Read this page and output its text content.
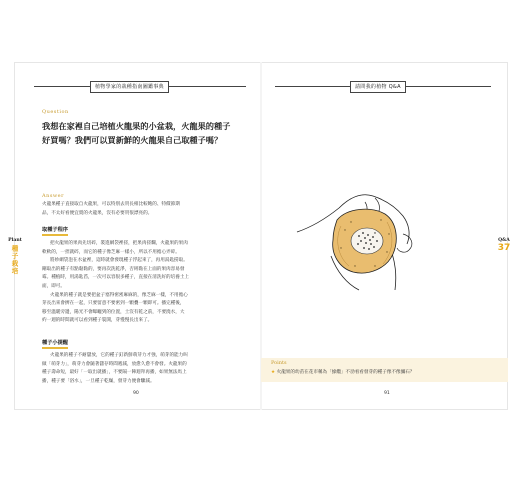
植物學家的栽種指南圖鑑事典
Question
我想在家裡自己培植火龍果的小盆栽，火龍果的種子
好買嗎？我們可以買新鮮的火龍果自己取種子嗎？
Answer
火龍果種子直接取自火龍果，可以特別去買長相比較飽的、特價節期
品，不太好看便宜賣的火龍果，沒有必要買很漂亮的。
取種子程序
把火龍果的果肉先切碎，裝進網袋裡搓，把果肉搓爛，火龍果的果肉
軟軟的，一捏就碎，而它的種子像芝麻一樣小，所以不用擔心弄碎。
將紗網袋泡在水盆裡，這時就會發現種子浮起來了，再用湯匙撈取。
剛取出的種子有點黏黏的，要再次洗乾淨，否則黏在上面的果肉容易發
霉。種植時，用湯匙舀，一次可以容很多種子，直接在清洗好的培養土上
面，即可。
火龍果的種子就是要把盆子塞得密密麻麻的，像芝麻一樣，不用擔心
芽長出來會擠在一起，只要留意不要密到一顆疊一顆即可。播完種後，
移至溫暖旁邊，陽光不會曝曬到的位置，土沒有乾之前，不要澆水，大
約一週的時間就可以看到種子裂開，芽慢慢長出來了。
種子小提醒
火龍果的種子不耐儲放，它的種子釘新鮮萌芽力才強，萌芽的能力叫
做「萌芽力」，萌芽力會隨著儲存時間遞減，放愈久愈不會發。火龍果的
種子壽命短，最好「一取出就播」，不要隔一陣週拜再播，如果無法馬上
播，種子要「浴水」，一旦種子乾燥，發芽力便會驟減。
Plant
種子栽培
90
請問我的植物 Q&A
Q&A
37
Points
★ 火龍果的幼苗在花市稱為「綠纜」不劢看看發芽的種子像不像彌石？
91
